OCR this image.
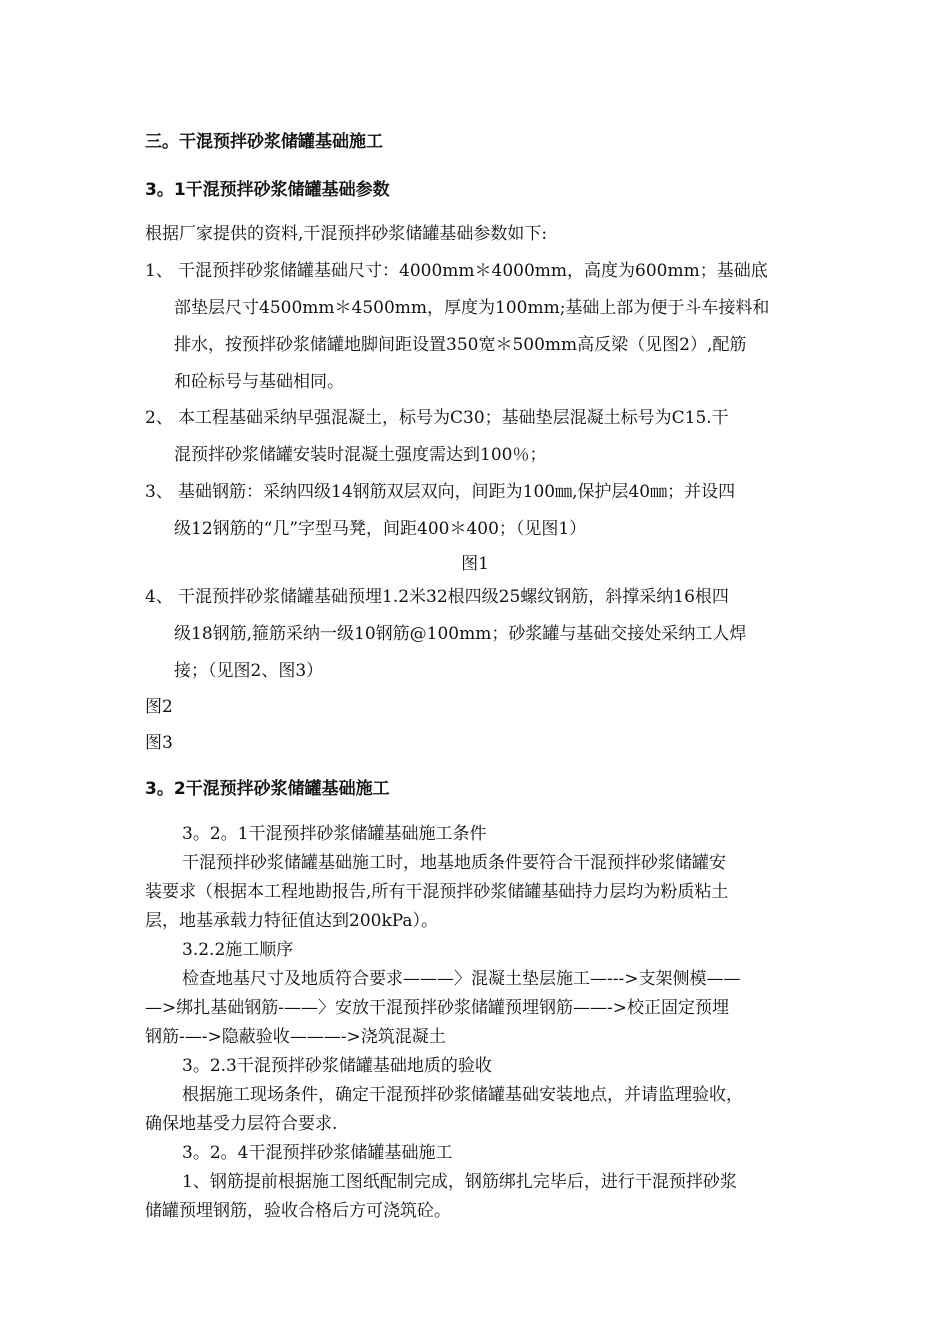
三。干混预拌砂浆储罐基础施工
3。1干混预拌砂浆储罐基础参数
根据厂家提供的资料,干混预拌砂浆储罐基础参数如下:
1、 干混预拌砂浆储罐基础尺寸：4000mm＊4000mm，高度为600mm；基础底
部垫层尺寸4500mm＊4500mm，厚度为100mm;基础上部为便于斗车接料和
排水，按预拌砂浆储罐地脚间距设置350宽＊500mm高反梁（见图2）,配筋
和砼标号与基础相同。
2、 本工程基础采纳早强混凝土，标号为C30；基础垫层混凝土标号为C15.干
混预拌砂浆储罐安装时混凝土强度需达到100％；
3、 基础钢筋：采纳四级14钢筋双层双向，间距为100㎜,保护层40㎜；并设四
级12钢筋的“几”字型马凳，间距400＊400；（见图1）
图1
4、 干混预拌砂浆储罐基础预埋1.2米32根四级25螺纹钢筋，斜撑采纳16根四
级18钢筋,箍筋采纳一级10钢筋@100mm；砂浆罐与基础交接处采纳工人焊
接；（见图2、图3）
图2
图3
3。2干混预拌砂浆储罐基础施工
3。2。1干混预拌砂浆储罐基础施工条件
干混预拌砂浆储罐基础施工时，地基地质条件要符合干混预拌砂浆储罐安
装要求（根据本工程地勘报告,所有干混预拌砂浆储罐基础持力层均为粉质粘土
层，地基承载力特征值达到200kPa）。
3.2.2施工顺序
检查地基尺寸及地质符合要求———〉混凝土垫层施工—--->支架侧模——
—>绑扎基础钢筋-——〉安放干混预拌砂浆储罐预埋钢筋——->校正固定预埋
钢筋-—->隐蔽验收———->浇筑混凝土
3。2.3干混预拌砂浆储罐基础地质的验收
根据施工现场条件，确定干混预拌砂浆储罐基础安装地点，并请监理验收，
确保地基受力层符合要求.
3。2。4干混预拌砂浆储罐基础施工
1、钢筋提前根据施工图纸配制完成，钢筋绑扎完毕后，进行干混预拌砂浆
储罐预埋钢筋，验收合格后方可浇筑砼。
